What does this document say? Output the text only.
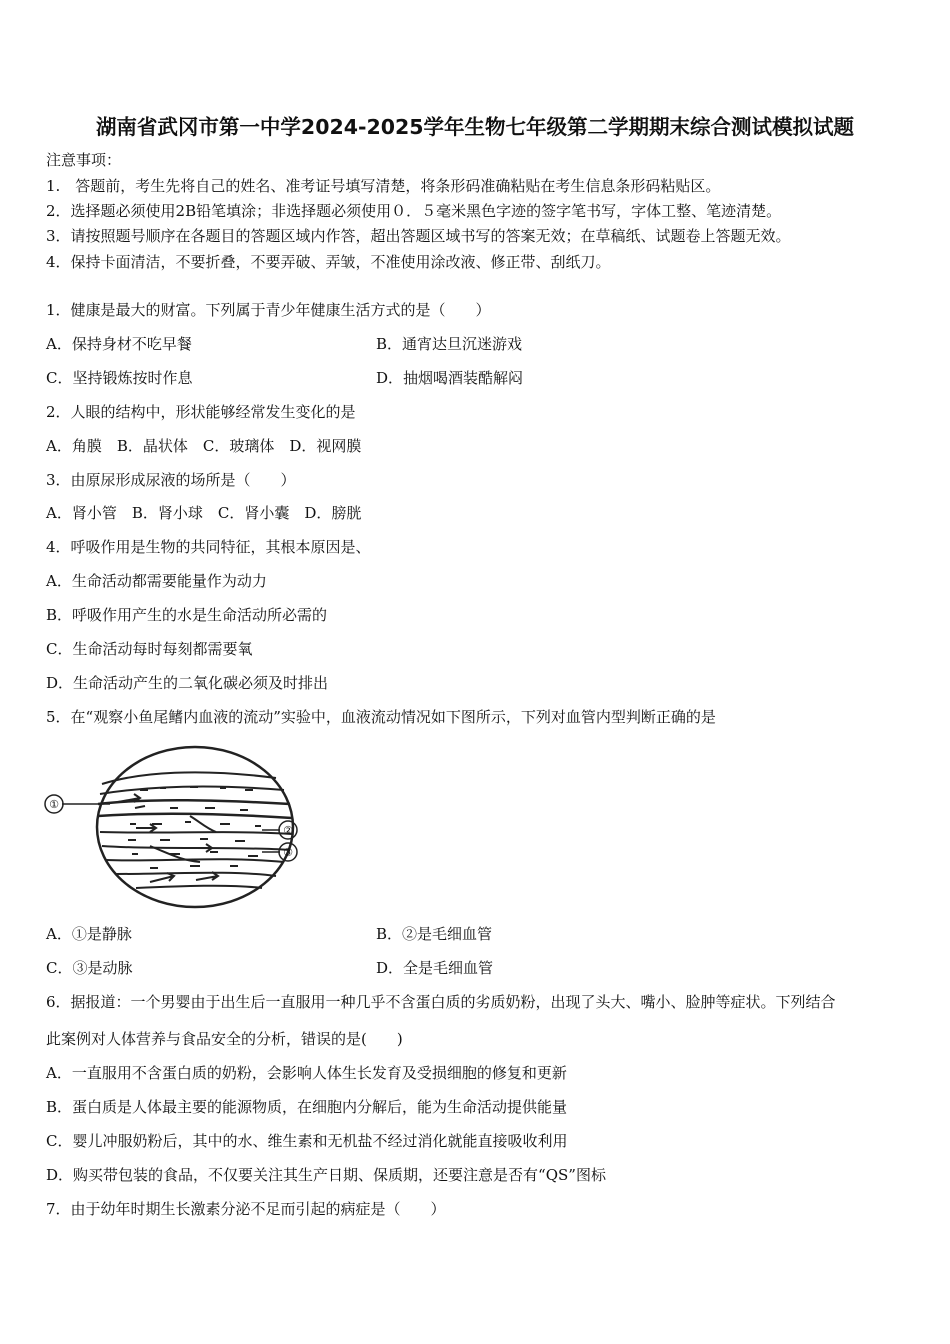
湖南省武冈市第一中学2024-2025学年生物七年级第二学期期末综合测试模拟试题
注意事项：
1.　答题前，考生先将自己的姓名、准考证号填写清楚，将条形码准确粘贴在考生信息条形码粘贴区。
2．选择题必须使用2B铅笔填涂；非选择题必须使用０．５毫米黑色字迹的签字笔书写，字体工整、笔迹清楚。
3．请按照题号顺序在各题目的答题区域内作答，超出答题区域书写的答案无效；在草稿纸、试题卷上答题无效。
4．保持卡面清洁，不要折叠，不要弄破、弄皱，不准使用涂改液、修正带、刮纸刀。
1．健康是最大的财富。下列属于青少年健康生活方式的是（　　）
A．保持身材不吃早餐	B．通宵达旦沉迷游戏
C．坚持锻炼按时作息	D．抽烟喝酒装酷解闷
2．人眼的结构中，形状能够经常发生变化的是
A．角膜　B．晶状体　C．玻璃体　D．视网膜
3．由原尿形成尿液的场所是（　　）
A．肾小管　B．肾小球　C．肾小囊　D．膀胱
4．呼吸作用是生物的共同特征，其根本原因是、
A．生命活动都需要能量作为动力
B．呼吸作用产生的水是生命活动所必需的
C．生命活动每时每刻都需要氧
D．生命活动产生的二氧化碳必须及时排出
5．在“观察小鱼尾鳍内血液的流动”实验中，血液流动情况如下图所示，下列对血管内型判断正确的是
①
②
③
A．①是静脉	B．②是毛细血管
C．③是动脉	D．全是毛细血管
6．据报道：一个男婴由于出生后一直服用一种几乎不含蛋白质的劣质奶粉，出现了头大、嘴小、脸肿等症状。下列结合
此案例对人体营养与食品安全的分析，错误的是(　　)
A．一直服用不含蛋白质的奶粉，会影响人体生长发育及受损细胞的修复和更新
B．蛋白质是人体最主要的能源物质，在细胞内分解后，能为生命活动提供能量
C．婴儿冲服奶粉后，其中的水、维生素和无机盐不经过消化就能直接吸收利用
D．购买带包装的食品，不仅要关注其生产日期、保质期，还要注意是否有“QS”图标
7．由于幼年时期生长激素分泌不足而引起的病症是（　　）
